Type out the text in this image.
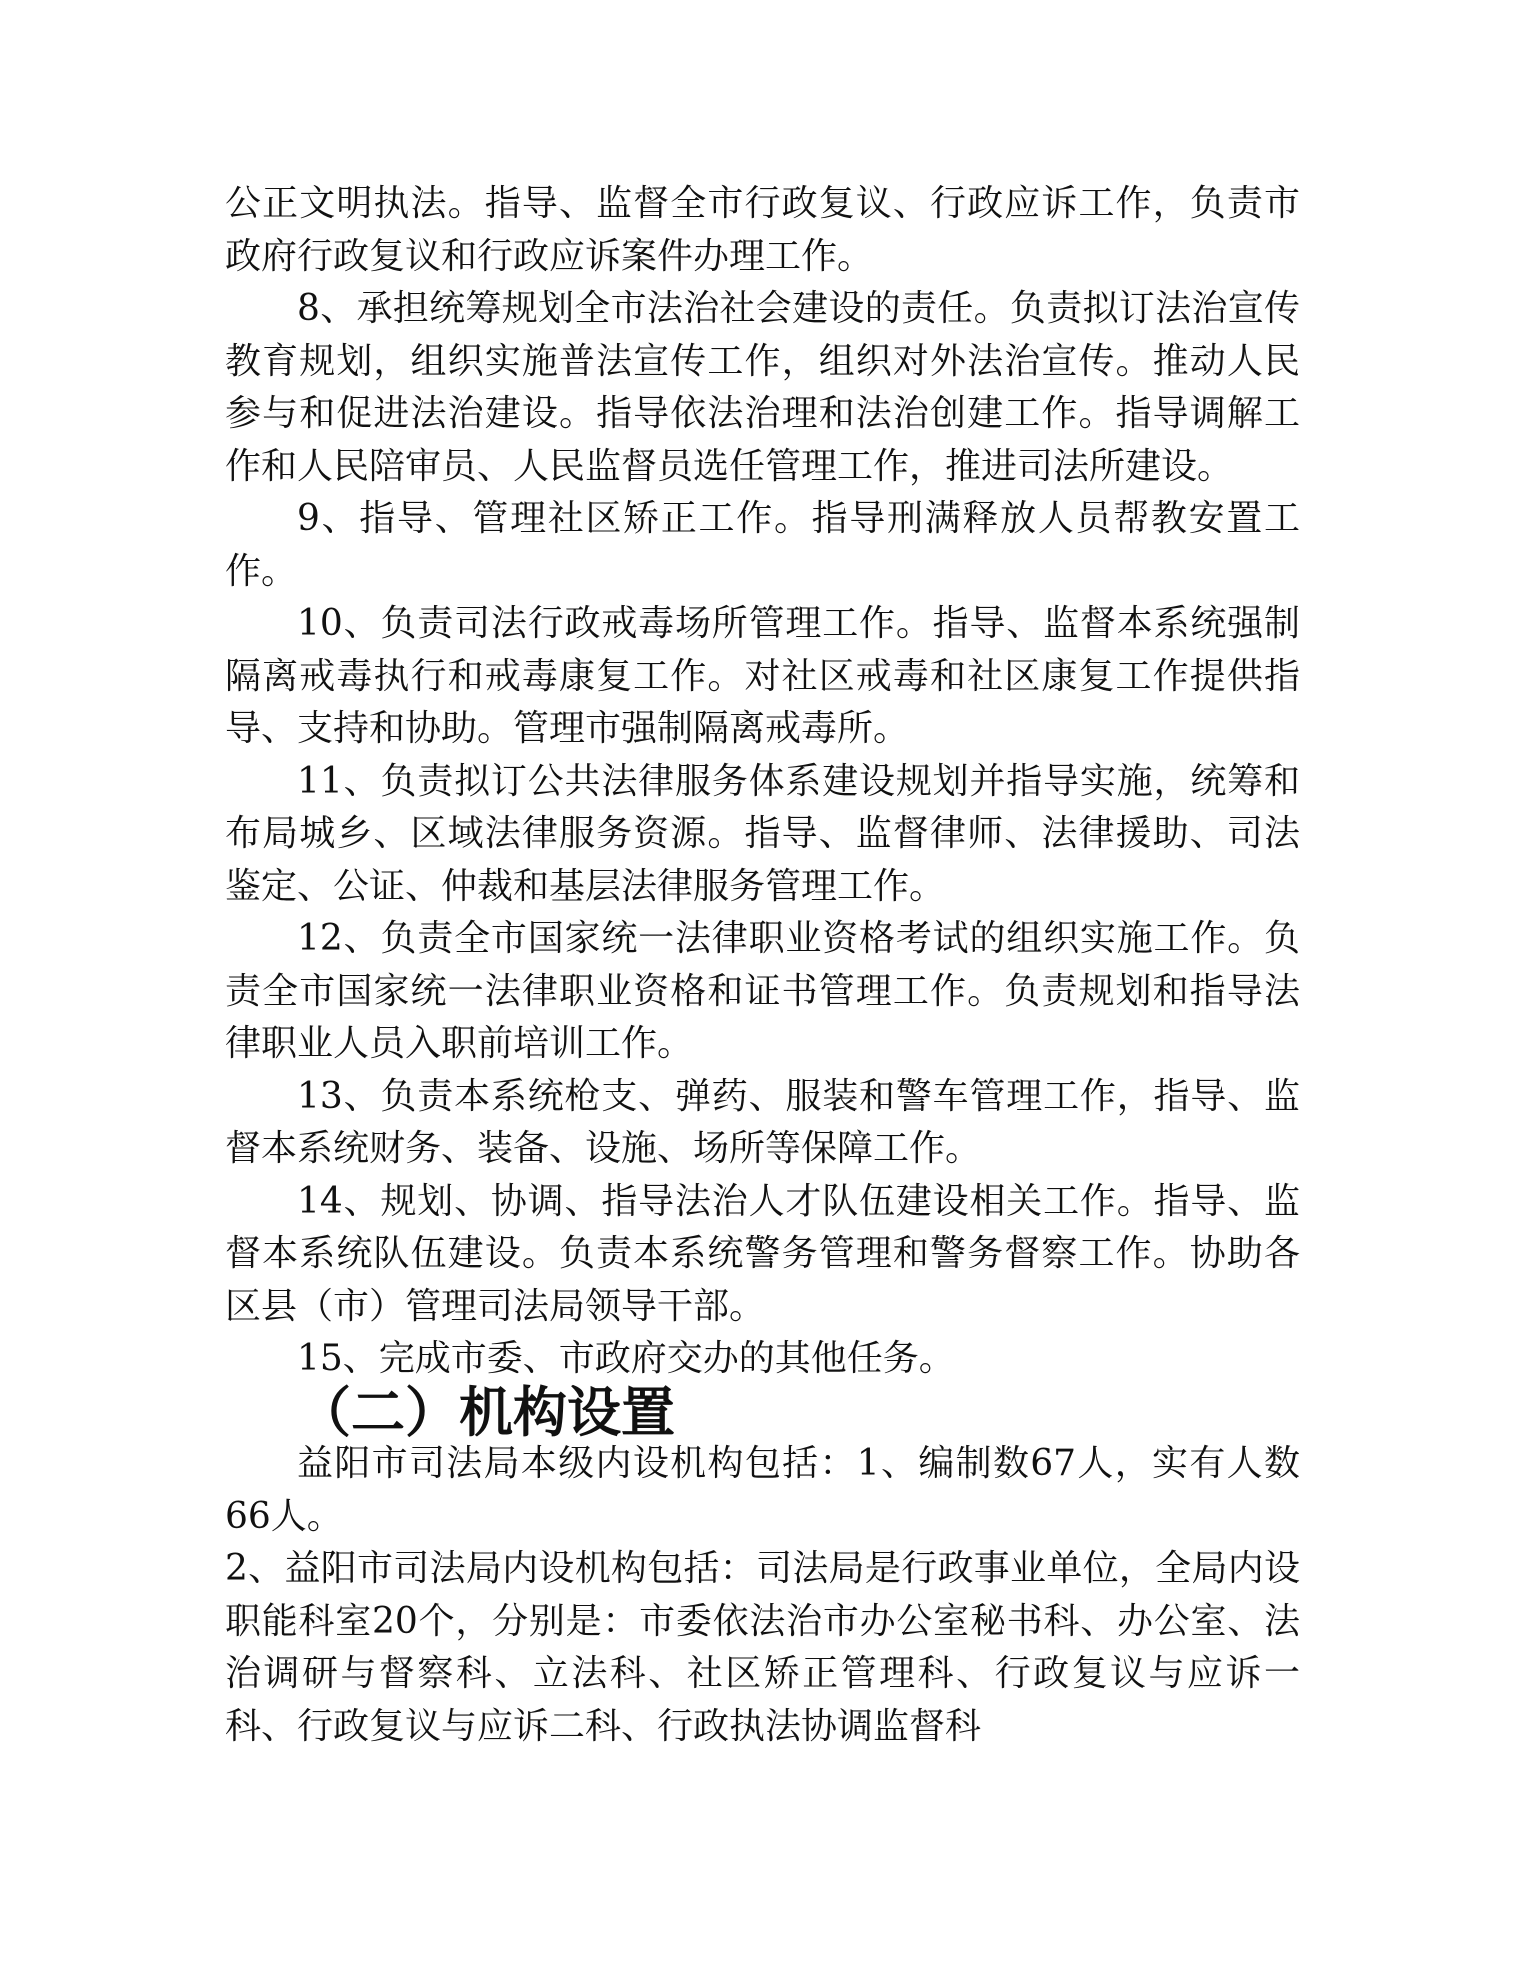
公正文明执法。指导、监督全市行政复议、行政应诉工作，负责市政府行政复议和行政应诉案件办理工作。

8、承担统筹规划全市法治社会建设的责任。负责拟订法治宣传教育规划，组织实施普法宣传工作，组织对外法治宣传。推动人民参与和促进法治建设。指导依法治理和法治创建工作。指导调解工作和人民陪审员、人民监督员选任管理工作，推进司法所建设。

9、指导、管理社区矫正工作。指导刑满释放人员帮教安置工作。

10、负责司法行政戒毒场所管理工作。指导、监督本系统强制隔离戒毒执行和戒毒康复工作。对社区戒毒和社区康复工作提供指导、支持和协助。管理市强制隔离戒毒所。

11、负责拟订公共法律服务体系建设规划并指导实施，统筹和布局城乡、区域法律服务资源。指导、监督律师、法律援助、司法鉴定、公证、仲裁和基层法律服务管理工作。

12、负责全市国家统一法律职业资格考试的组织实施工作。负责全市国家统一法律职业资格和证书管理工作。负责规划和指导法律职业人员入职前培训工作。

13、负责本系统枪支、弹药、服装和警车管理工作，指导、监督本系统财务、装备、设施、场所等保障工作。

14、规划、协调、指导法治人才队伍建设相关工作。指导、监督本系统队伍建设。负责本系统警务管理和警务督察工作。协助各区县（市）管理司法局领导干部。

15、完成市委、市政府交办的其他任务。

（二）机构设置

益阳市司法局本级内设机构包括：1、编制数67人，实有人数66人。

2、益阳市司法局内设机构包括：司法局是行政事业单位，全局内设职能科室20个，分别是：市委依法治市办公室秘书科、办公室、法治调研与督察科、立法科、社区矫正管理科、行政复议与应诉一科、行政复议与应诉二科、行政执法协调监督科
